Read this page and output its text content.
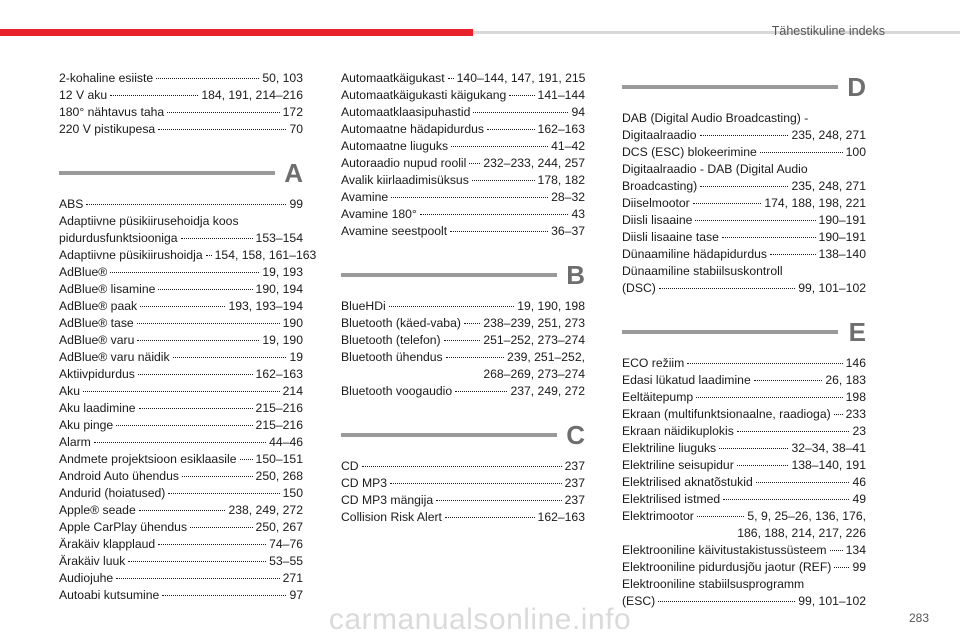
Tähestikuline indeks
2-kohaline esiiste	50, 103
12 V aku	184, 191, 214–216
180° nähtavus taha	172
220 V pistikupesa	70
A
ABS	99
Adaptiivne püsikiirusehoidja koos
pidurdusfunktsiooniga	153–154
Adaptiivne püsikiirushoidja 154, 158, 161–163
AdBlue®	19, 193
AdBlue® lisamine	190, 194
AdBlue® paak	193, 193–194
AdBlue® tase	190
AdBlue® varu	19, 190
AdBlue® varu näidik	19
Aktiivpidurdus	162–163
Aku	214
Aku laadimine	215–216
Aku pinge	215–216
Alarm	44–46
Andmete projektsioon esiklaasile 150–151
Android Auto ühendus	250, 268
Andurid (hoiatused)	150
Apple® seade	238, 249, 272
Apple CarPlay ühendus	250, 267
Ärakäiv klapplaud	74–76
Ärakäiv luuk	53–55
Audiojuhe	271
Autoabi kutsumine	97
Automaatkäigukast 140–144, 147, 191, 215
Automaatkäigukasti käigukang	141–144
Automaatklaasipuhastid	94
Automaatne hädapidurdus	162–163
Automaatne liuguks	41–42
Autoraadio nupud roolil 232–233, 244, 257
Avalik kiirlaadimisüksus	178, 182
Avamine	28–32
Avamine 180°	43
Avamine seestpoolt	36–37
B
BlueHDi	19, 190, 198
Bluetooth (käed-vaba) 238–239, 251, 273
Bluetooth (telefon)	251–252, 273–274
Bluetooth ühendus	239, 251–252,
268–269, 273–274
Bluetooth voogaudio	237, 249, 272
C
CD	237
CD MP3	237
CD MP3 mängija	237
Collision Risk Alert	162–163
D
DAB (Digital Audio Broadcasting) -
Digitaalraadio	235, 248, 271
DCS (ESC) blokeerimine	100
Digitaalraadio - DAB (Digital Audio
Broadcasting)	235, 248, 271
Diiselmootor	174, 188, 198, 221
Diisli lisaaine	190–191
Diisli lisaaine tase	190–191
Dünaamiline hädapidurdus	138–140
Dünaamiline stabiilsuskontroll
(DSC)	99, 101–102
E
ECO režiim	146
Edasi lükatud laadimine	26, 183
Eeltäitepump	198
Ekraan (multifunktsionaalne, raadioga) 233
Ekraan näidikuplokis	23
Elektriline liuguks	32–34, 38–41
Elektriline seisupidur	138–140, 191
Elektrilised aknatõstukid	46
Elektrilised istmed	49
Elektrimootor	5, 9, 25–26, 136, 176,
186, 188, 214, 217, 226
Elektrooniline käivitustakistussüsteem 134
Elektrooniline pidurdusjõu jaotur (REF) 99
Elektrooniline stabiilsusprogramm
(ESC)	99, 101–102
carmanualsonline.info	283
